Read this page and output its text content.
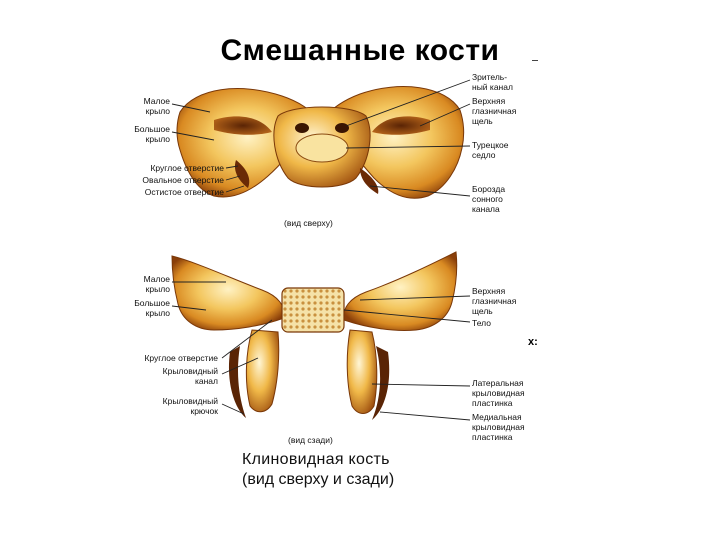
Смешанные кости
Малое
крыло
Большое
крыло
Круглое отверстие
Овальное отверстие
Остистое отверстие
Зритель-
ный канал
Верхняя
глазничная
щель
Турецкое
седло
Борозда
сонного
канала
(вид сверху)
Малое
крыло
Большое
крыло
Круглое отверстие
Крыловидный
канал
Крыловидный
крючок
Верхняя
глазничная
щель
Тело
Латеральная
крыловидная
пластинка
Медиальная
крыловидная
пластинка
(вид сзади)
х:
Клиновидная кость
(вид сверху и сзади)
